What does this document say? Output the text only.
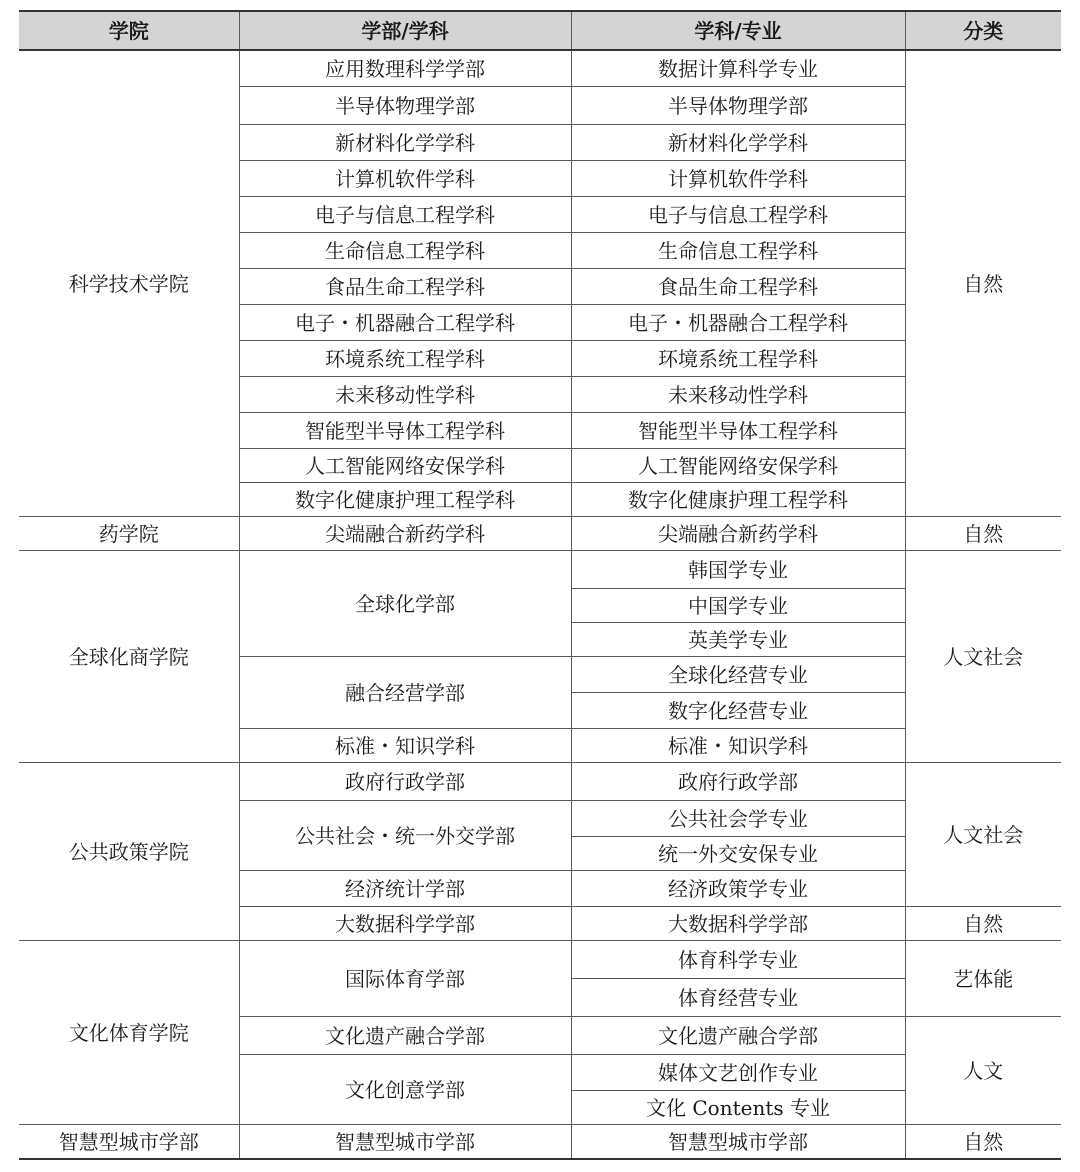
学院	学部/学科	学科/专业	分类
科学技术学院	应用数理科学学部	数据计算科学专业	自然
	半导体物理学部	半导体物理学部	
	新材料化学学科	新材料化学学科	
	计算机软件学科	计算机软件学科	
	电子与信息工程学科	电子与信息工程学科	
	生命信息工程学科	生命信息工程学科	
	食品生命工程学科	食品生命工程学科	
	电子・机器融合工程学科	电子・机器融合工程学科	
	环境系统工程学科	环境系统工程学科	
	未来移动性学科	未来移动性学科	
	智能型半导体工程学科	智能型半导体工程学科	
	人工智能网络安保学科	人工智能网络安保学科	
	数字化健康护理工程学科	数字化健康护理工程学科	
药学院	尖端融合新药学科	尖端融合新药学科	自然
全球化商学院	全球化学部	韩国学专业	人文社会
		中国学专业	
		英美学专业	
	融合经营学部	全球化经营专业	
		数字化经营专业	
	标准・知识学科	标准・知识学科	
公共政策学院	政府行政学部	政府行政学部	人文社会
	公共社会・统一外交学部	公共社会学专业	
		统一外交安保专业	
	经济统计学部	经济政策学专业	
	大数据科学学部	大数据科学学部	自然
文化体育学院	国际体育学部	体育科学专业	艺体能
		体育经营专业	
	文化遗产融合学部	文化遗产融合学部	人文
	文化创意学部	媒体文艺创作专业	
		文化 Contents 专业	
智慧型城市学部	智慧型城市学部	智慧型城市学部	自然
